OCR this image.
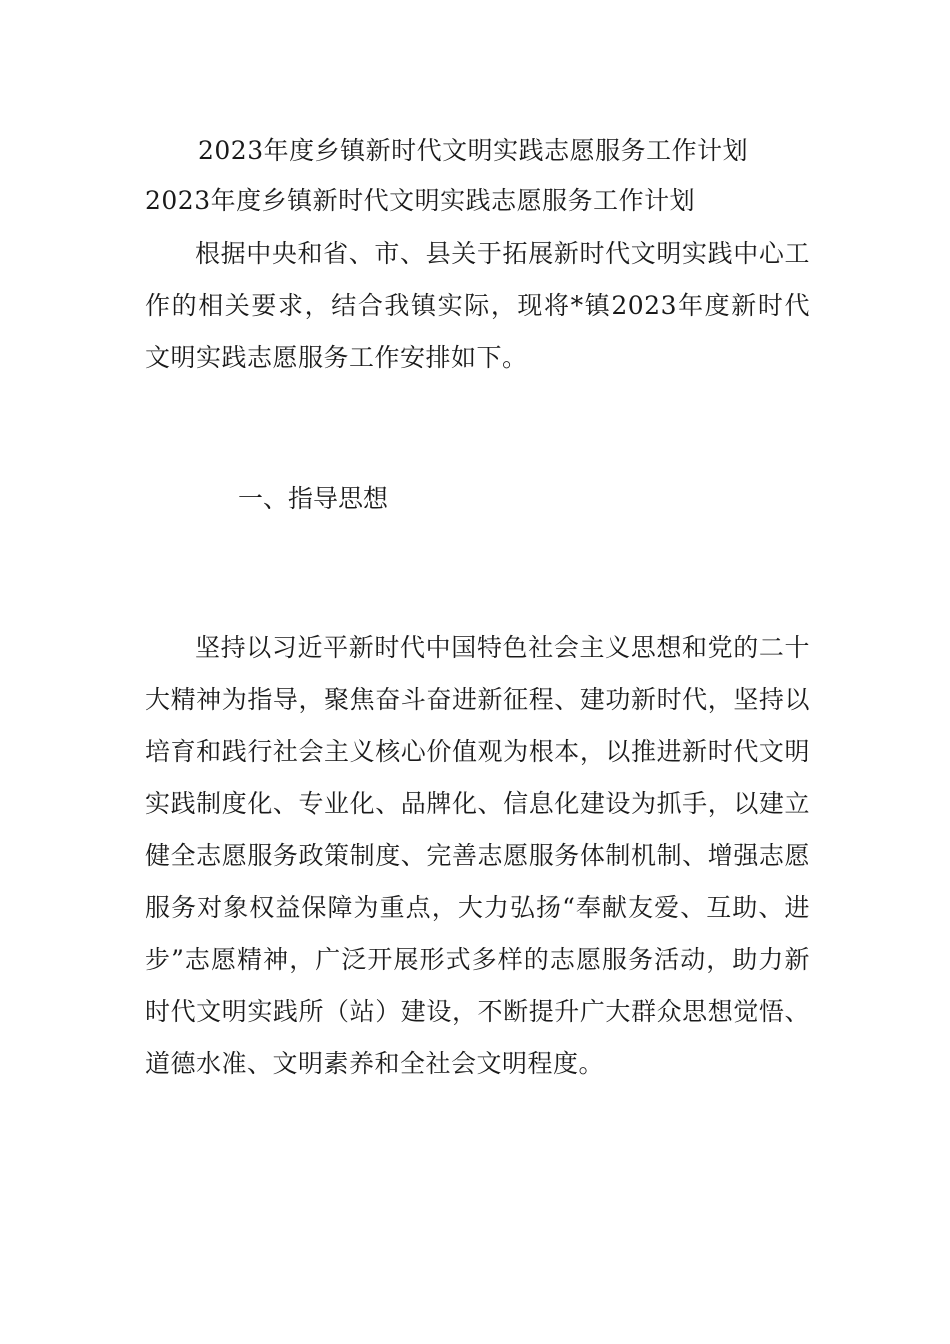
2023年度乡镇新时代文明实践志愿服务工作计划
2023年度乡镇新时代文明实践志愿服务工作计划

根据中央和省、市、县关于拓展新时代文明实践中心工作的相关要求，结合我镇实际，现将*镇2023年度新时代文明实践志愿服务工作安排如下。

一、指导思想

坚持以习近平新时代中国特色社会主义思想和党的二十大精神为指导，聚焦奋斗奋进新征程、建功新时代，坚持以培育和践行社会主义核心价值观为根本，以推进新时代文明实践制度化、专业化、品牌化、信息化建设为抓手，以建立健全志愿服务政策制度、完善志愿服务体制机制、增强志愿服务对象权益保障为重点，大力弘扬“奉献友爱、互助、进步”志愿精神，广泛开展形式多样的志愿服务活动，助力新时代文明实践所（站）建设，不断提升广大群众思想觉悟、道德水准、文明素养和全社会文明程度。
